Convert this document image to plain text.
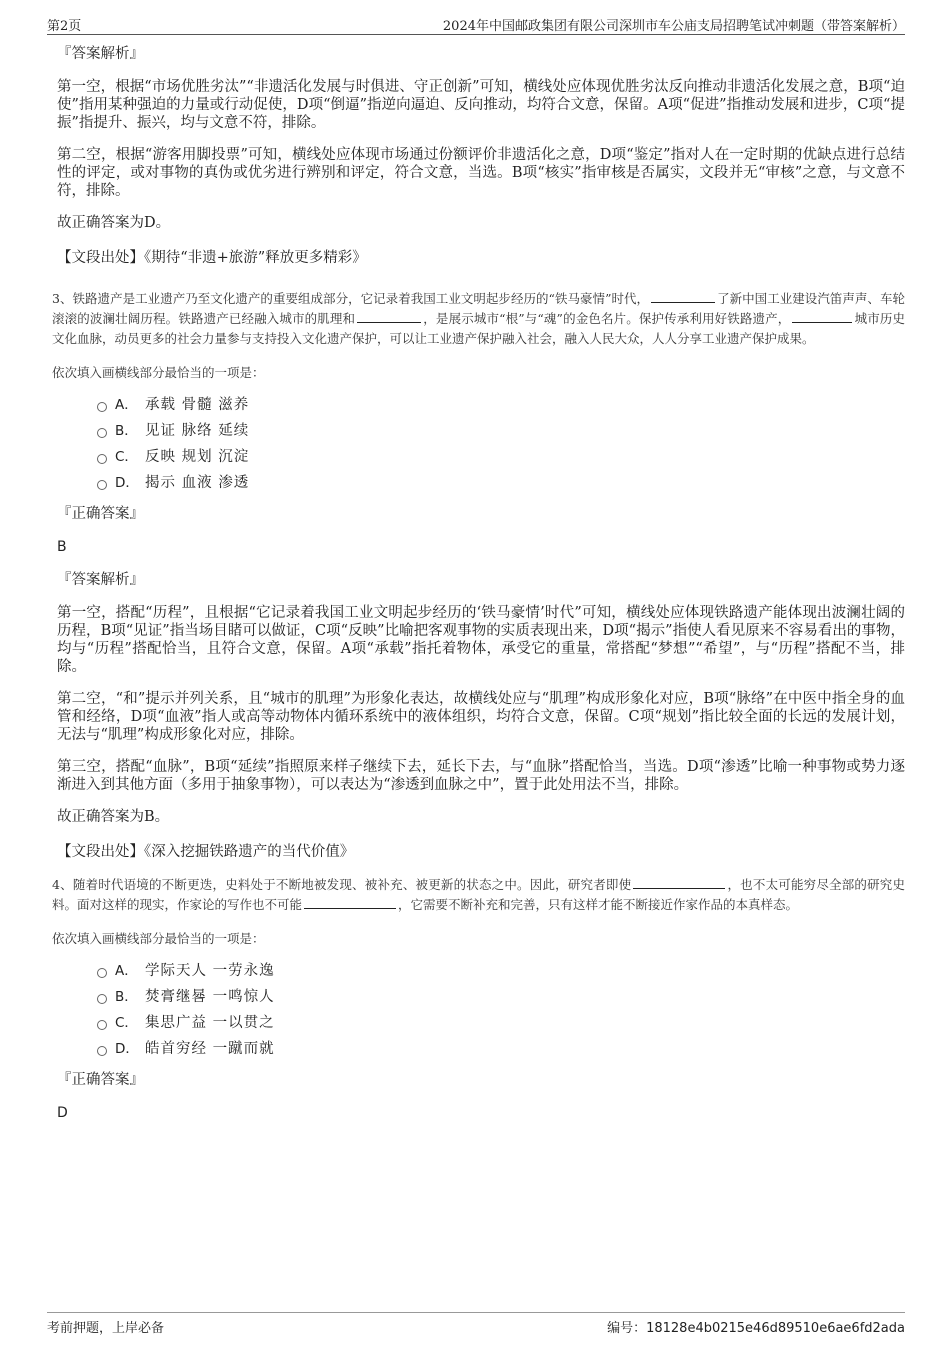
第2页	2024年中国邮政集团有限公司深圳市车公庙支局招聘笔试冲刺题（带答案解析）

『答案解析』

第一空，根据“市场优胜劣汰”“非遗活化发展与时俱进、守正创新”可知，横线处应体现优胜劣汰反向推动非遗活化发展之意，B项“迫使”指用某种强迫的力量或行动促使，D项“倒逼”指逆向逼迫、反向推动，均符合文意，保留。A项“促进”指推动发展和进步，C项“提振”指提升、振兴，均与文意不符，排除。

第二空，根据“游客用脚投票”可知，横线处应体现市场通过份额评价非遗活化之意，D项“鉴定”指对人在一定时期的优缺点进行总结性的评定，或对事物的真伪或优劣进行辨别和评定，符合文意，当选。B项“核实”指审核是否属实，文段并无“审核”之意，与文意不符，排除。

故正确答案为D。

【文段出处】《期待“非遗+旅游”释放更多精彩》

3、铁路遗产是工业遗产乃至文化遗产的重要组成部分，它记录着我国工业文明起步经历的“铁马豪情”时代，	了新中国工业建设汽笛声声、车轮滚滚的波澜壮阔历程。铁路遗产已经融入城市的肌理和	，是展示城市“根”与“魂”的金色名片。保护传承利用好铁路遗产，	城市历史文化血脉，动员更多的社会力量参与支持投入文化遗产保护，可以让工业遗产保护融入社会，融入人民大众，人人分享工业遗产保护成果。

依次填入画横线部分最恰当的一项是：

A． 承载 骨髓 滋养
B． 见证 脉络 延续
C． 反映 规划 沉淀
D． 揭示 血液 渗透

『正确答案』

B

『答案解析』

第一空，搭配“历程”，且根据“它记录着我国工业文明起步经历的‘铁马豪情’时代”可知，横线处应体现铁路遗产能体现出波澜壮阔的历程，B项“见证”指当场目睹可以做证，C项“反映”比喻把客观事物的实质表现出来，D项“揭示”指使人看见原来不容易看出的事物，均与“历程”搭配恰当，且符合文意，保留。A项“承载”指托着物体，承受它的重量，常搭配“梦想”“希望”，与“历程”搭配不当，排除。

第二空，“和”提示并列关系，且“城市的肌理”为形象化表达，故横线处应与“肌理”构成形象化对应，B项“脉络”在中医中指全身的血管和经络，D项“血液”指人或高等动物体内循环系统中的液体组织，均符合文意，保留。C项“规划”指比较全面的长远的发展计划，无法与“肌理”构成形象化对应，排除。

第三空，搭配“血脉”，B项“延续”指照原来样子继续下去，延长下去，与“血脉”搭配恰当，当选。D项“渗透”比喻一种事物或势力逐渐进入到其他方面（多用于抽象事物），可以表达为“渗透到血脉之中”，置于此处用法不当，排除。

故正确答案为B。

【文段出处】《深入挖掘铁路遗产的当代价值》

4、随着时代语境的不断更迭，史料处于不断地被发现、被补充、被更新的状态之中。因此，研究者即使	，也不太可能穷尽全部的研究史料。面对这样的现实，作家论的写作也不可能	，它需要不断补充和完善，只有这样才能不断接近作家作品的本真样态。

依次填入画横线部分最恰当的一项是：

A． 学际天人 一劳永逸
B． 焚膏继晷 一鸣惊人
C． 集思广益 一以贯之
D． 皓首穷经 一蹴而就

『正确答案』

D

考前押题，上岸必备	编号：18128e4b0215e46d89510e6ae6fd2ada
